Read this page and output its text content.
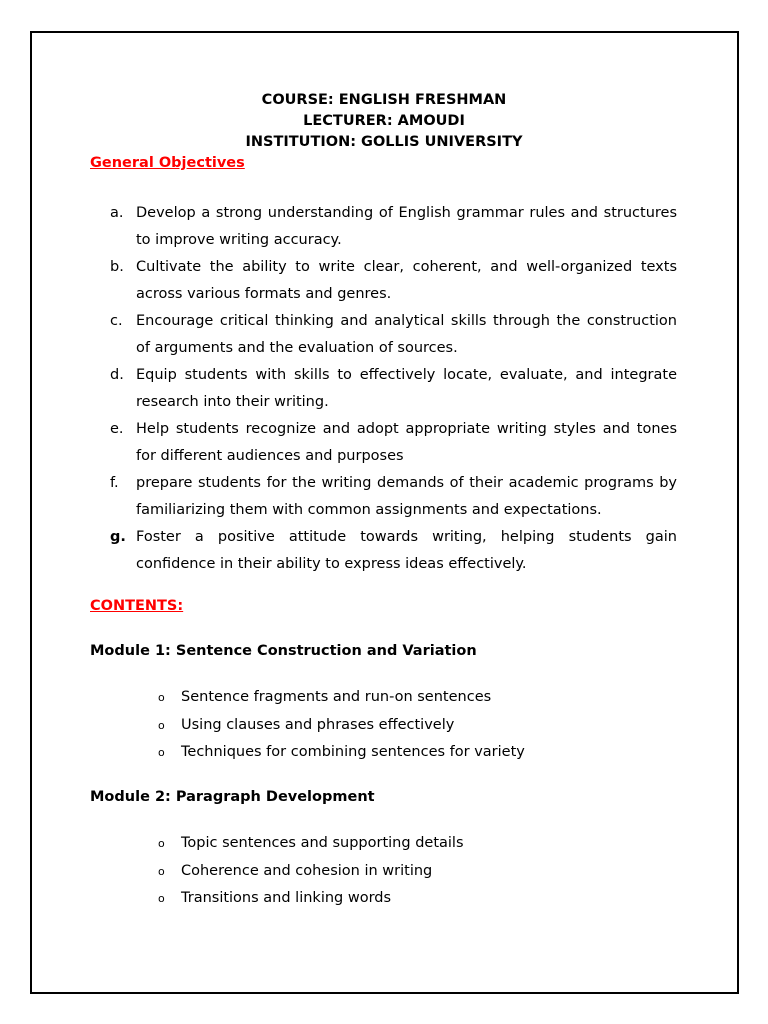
COURSE: ENGLISH FRESHMAN
LECTURER: AMOUDI
INSTITUTION: GOLLIS UNIVERSITY
General Objectives
a. Develop a strong understanding of English grammar rules and structures to improve writing accuracy.
b. Cultivate the ability to write clear, coherent, and well-organized texts across various formats and genres.
c. Encourage critical thinking and analytical skills through the construction of arguments and the evaluation of sources.
d. Equip students with skills to effectively locate, evaluate, and integrate research into their writing.
e. Help students recognize and adopt appropriate writing styles and tones for different audiences and purposes
f.	prepare students for the writing demands of their academic programs by familiarizing them with common assignments and expectations.
g. Foster a positive attitude towards writing, helping students gain confidence in their ability to express ideas effectively.
CONTENTS:
Module 1: Sentence Construction and Variation
o	Sentence fragments and run-on sentences
o	Using clauses and phrases effectively
o	Techniques for combining sentences for variety
Module 2: Paragraph Development
o	Topic sentences and supporting details
o	Coherence and cohesion in writing
o	Transitions and linking words
